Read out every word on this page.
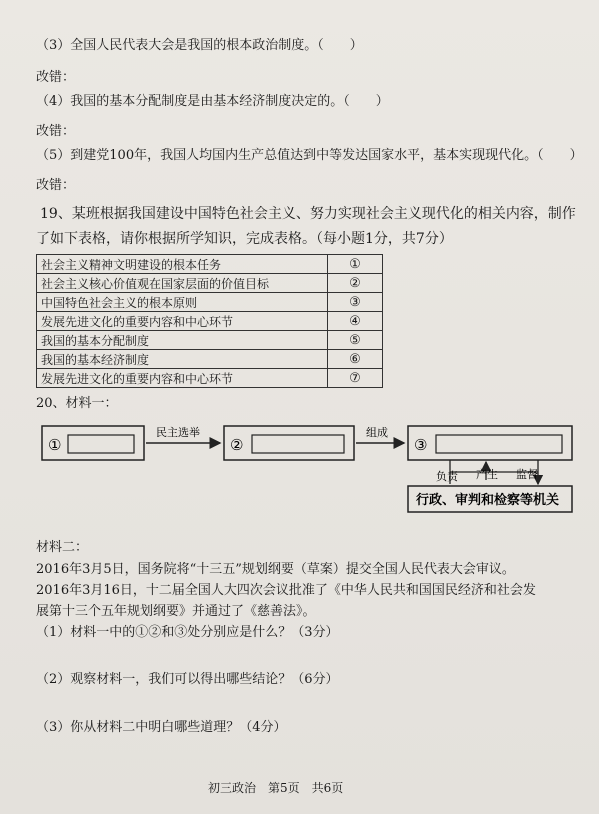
（3）全国人民代表大会是我国的根本政治制度。（　　）
改错：
（4）我国的基本分配制度是由基本经济制度决定的。（　　）
改错：
（5）到建党100年，我国人均国内生产总值达到中等发达国家水平，基本实现现代化。（　　）
改错：
19、某班根据我国建设中国特色社会主义、努力实现社会主义现代化的相关内容，制作
了如下表格，请你根据所学知识，完成表格。（每小题1分，共7分）
社会主义精神文明建设的根本任务	①
社会主义核心价值观在国家层面的价值目标	②
中国特色社会主义的根本原则	③
发展先进文化的重要内容和中心环节	④
我国的基本分配制度	⑤
我国的基本经济制度	⑥
发展先进文化的重要内容和中心环节	⑦
20、材料一：
①
民主选举
②
组成
③
负责 产生 监督
行政、审判和检察等机关
材料二：
2016年3月5日，国务院将“十三五”规划纲要（草案）提交全国人民代表大会审议。
2016年3月16日，十二届全国人大四次会议批准了《中华人民共和国国民经济和社会发
展第十三个五年规划纲要》并通过了《慈善法》。
（1）材料一中的①②和③处分别应是什么？（3分）
（2）观察材料一，我们可以得出哪些结论？（6分）
（3）你从材料二中明白哪些道理？（4分）
初三政治　第5页　共6页
